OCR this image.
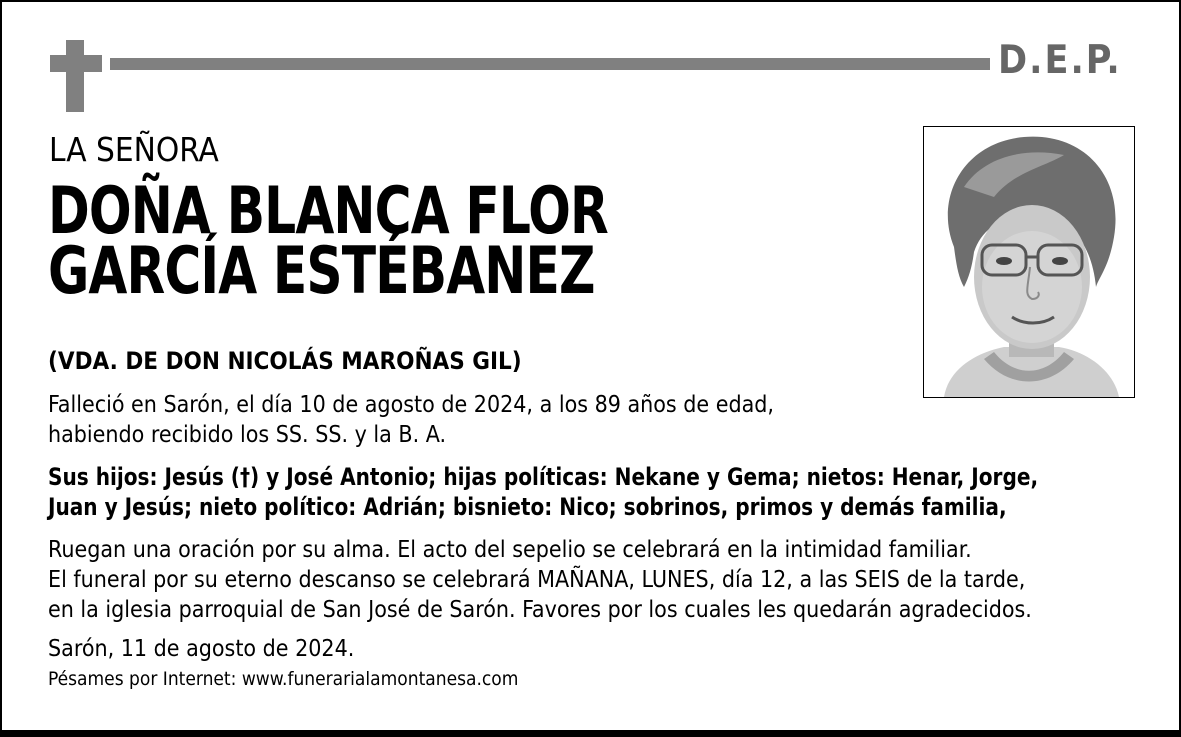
D.E.P.
LA SEÑORA
DOÑA BLANCA FLOR
GARCÍA ESTÉBANEZ
(VDA. DE DON NICOLÁS MAROÑAS GIL)
Falleció en Sarón, el día 10 de agosto de 2024, a los 89 años de edad,
habiendo recibido los SS. SS. y la B. A.
Sus hijos: Jesús (†) y José Antonio; hijas políticas: Nekane y Gema; nietos: Henar, Jorge,
Juan y Jesús; nieto político: Adrián; bisnieto: Nico; sobrinos, primos y demás familia,
Ruegan una oración por su alma. El acto del sepelio se celebrará en la intimidad familiar.
El funeral por su eterno descanso se celebrará MAÑANA, LUNES, día 12, a las SEIS de la tarde,
en la iglesia parroquial de San José de Sarón. Favores por los cuales les quedarán agradecidos.
Sarón, 11 de agosto de 2024.
Pésames por Internet: www.funerarialamontanesa.com
